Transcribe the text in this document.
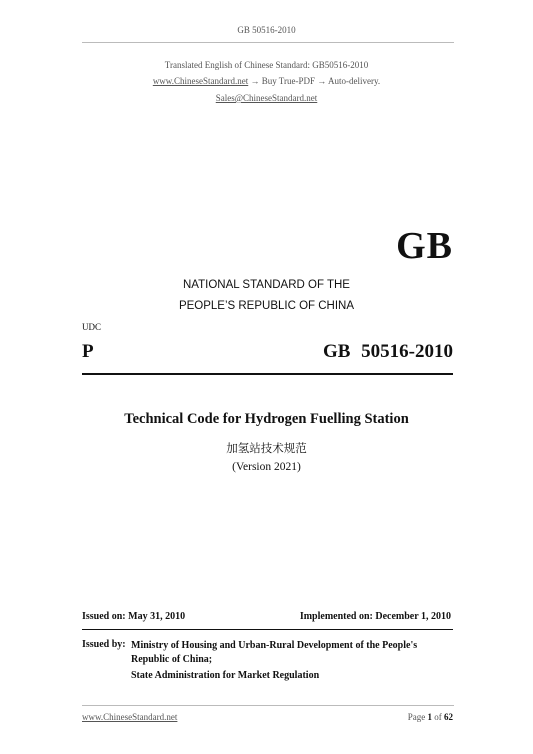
GB 50516-2010
Translated English of Chinese Standard: GB50516-2010
www.ChineseStandard.net → Buy True-PDF → Auto-delivery.
Sales@ChineseStandard.net
GB
NATIONAL STANDARD OF THE
PEOPLE’S REPUBLIC OF CHINA
UDC
P	GB 50516-2010
Technical Code for Hydrogen Fuelling Station
加氢站技术规范
(Version 2021)
Issued on: May 31, 2010	Implemented on: December 1, 2010
Issued by: Ministry of Housing and Urban-Rural Development of the People's
Republic of China;
State Administration for Market Regulation
www.ChineseStandard.net	Page 1 of 62
